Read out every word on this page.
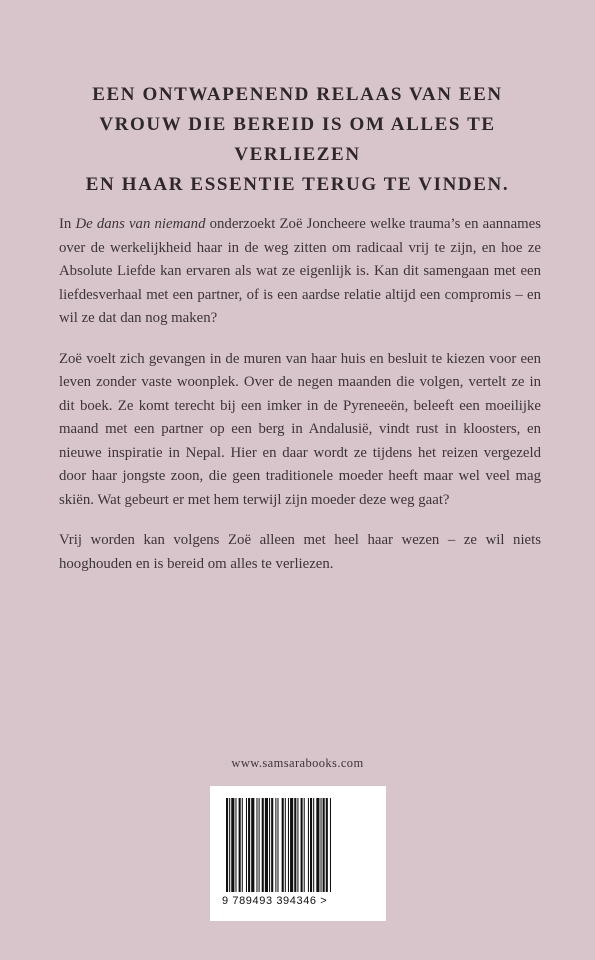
EEN ONTWAPENEND RELAAS VAN EEN
VROUW DIE BEREID IS OM ALLES TE VERLIEZEN
EN HAAR ESSENTIE TERUG TE VINDEN.

In De dans van niemand onderzoekt Zoë Joncheere welke trauma’s en aannames over de werkelijkheid haar in de weg zitten om radicaal vrij te zijn, en hoe ze Absolute Liefde kan ervaren als wat ze eigenlijk is. Kan dit samengaan met een liefdesverhaal met een partner, of is een aardse relatie altijd een compromis – en wil ze dat dan nog maken?

Zoë voelt zich gevangen in de muren van haar huis en besluit te kiezen voor een leven zonder vaste woonplek. Over de negen maanden die volgen, vertelt ze in dit boek. Ze komt terecht bij een imker in de Pyreneeën, beleeft een moeilijke maand met een partner op een berg in Andalusië, vindt rust in kloosters, en nieuwe inspiratie in Nepal. Hier en daar wordt ze tijdens het reizen vergezeld door haar jongste zoon, die geen traditionele moeder heeft maar wel veel mag skiën. Wat gebeurt er met hem terwijl zijn moeder deze weg gaat?

Vrij worden kan volgens Zoë alleen met heel haar wezen – ze wil niets hooghouden en is bereid om alles te verliezen.

www.samsarabooks.com
9 789493 394346 >
